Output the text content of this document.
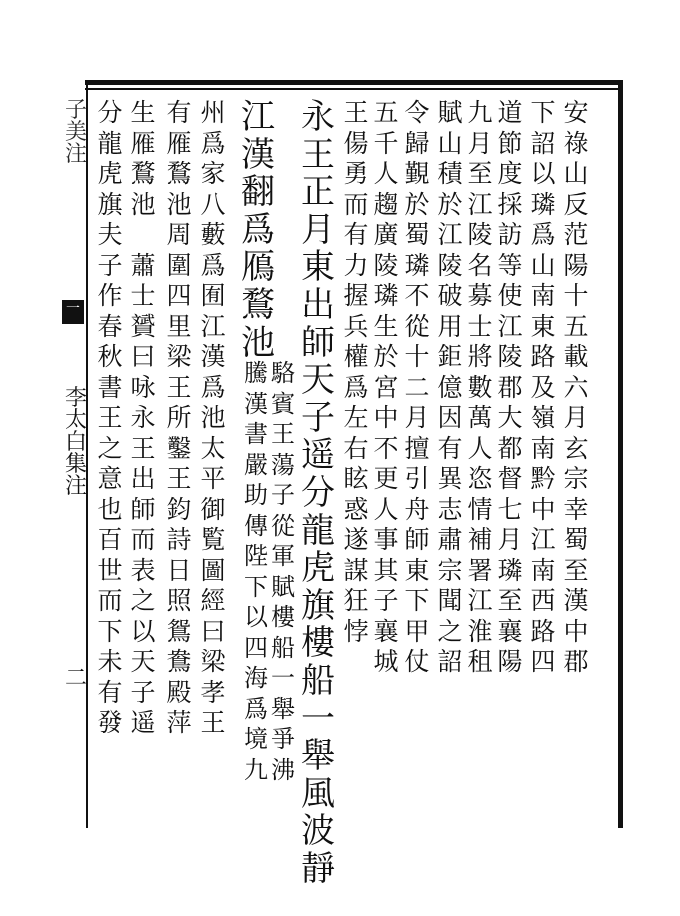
子
美
注
一
李
太
白
集
注
二
安
祿
山
反
范
陽
十
五
載
六
月
玄
宗
幸
蜀
至
漢
中
郡
下
詔
以
璘
爲
山
南
東
路
及
嶺
南
黔
中
江
南
西
路
四
道
節
度
採
訪
等
使
江
陵
郡
大
都
督
七
月
璘
至
襄
陽
九
月
至
江
陵
名
募
士
將
數
萬
人
恣
情
補
署
江
淮
租
賦
山
積
於
江
陵
破
用
鉅
億
因
有
異
志
肅
宗
聞
之
詔
令
歸
覲
於
蜀
璘
不
從
十
二
月
擅
引
舟
師
東
下
甲
仗
五
千
人
趨
廣
陵
璘
生
於
宮
中
不
更
人
事
其
子
襄
城
王
偒
勇
而
有
力
握
兵
權
爲
左
右
眩
惑
遂
謀
狂
悖
永
王
正
月
東
出
師
天
子
遥
分
龍
虎
旗
樓
船
一
舉
風
波
靜
江
漢
翻
爲
鴈
鶩
池
駱
賓
王
蕩
子
從
軍
賦
樓
船
一
舉
爭
沸
騰
漢
書
嚴
助
傳
陛
下
以
四
海
爲
境
九
州
爲
家
八
藪
爲
囿
江
漢
爲
池
太
平
御
覧
圖
經
曰
梁
孝
王
有
雁
鶩
池
周
圍
四
里
梁
王
所
鑿
王
鈞
詩
日
照
鴛
鴦
殿
萍
生
雁
鶩
池

蕭
士
贇
曰
咏
永
王
出
師
而
表
之
以
天
子
遥
分
龍
虎
旗
夫
子
作
春
秋
書
王
之
意
也
百
世
而
下
未
有
發
